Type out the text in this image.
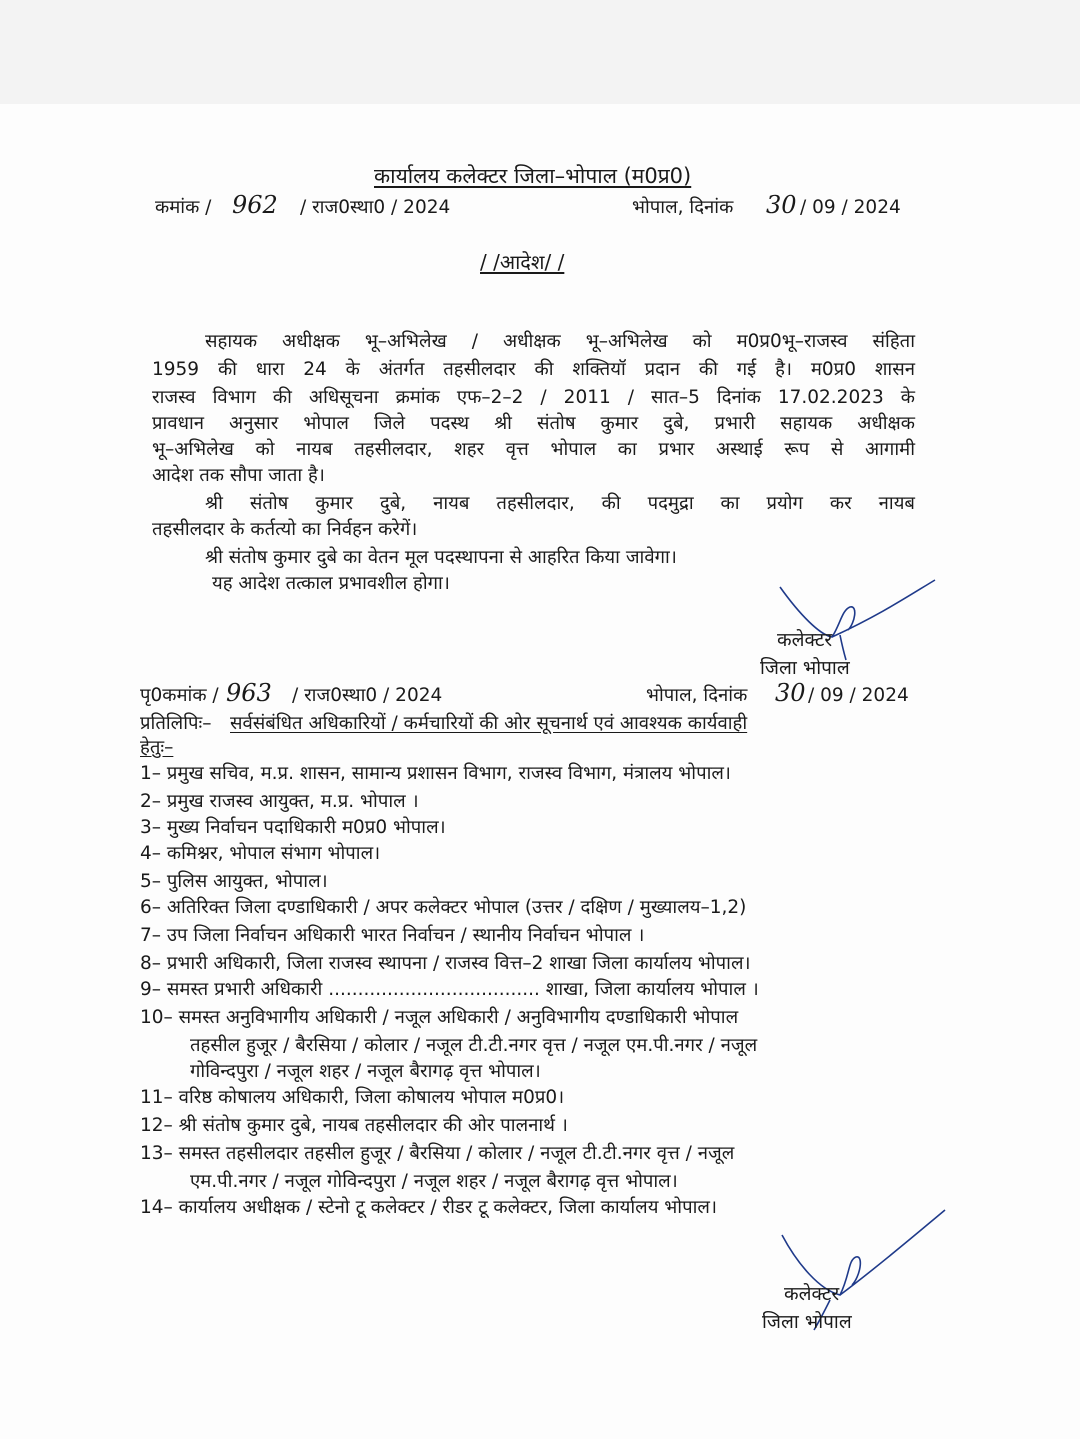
कार्यालय कलेक्टर जिला–भोपाल (म0प्र0)
कमांक / 962 / राज0स्था0 / 2024	भोपाल, दिनांक 30 / 09 / 2024
/ /आदेश/ /
सहायक अधीक्षक भू–अभिलेख / अधीक्षक भू–अभिलेख को म0प्र0भू–राजस्व संहिता
1959 की धारा 24 के अंतर्गत तहसीलदार की शक्तियॉ प्रदान की गई है। म0प्र0 शासन
राजस्व विभाग की अधिसूचना क्रमांक एफ–2–2 / 2011 / सात–5 दिनांक 17.02.2023 के
प्रावधान अनुसार भोपाल जिले पदस्थ श्री संतोष कुमार दुबे, प्रभारी सहायक अधीक्षक
भू–अभिलेख को नायब तहसीलदार, शहर वृत्त भोपाल का प्रभार अस्थाई रूप से आगामी
आदेश तक सौपा जाता है।
श्री संतोष कुमार दुबे, नायब तहसीलदार, की पदमुद्रा का प्रयोग कर नायब
तहसीलदार के कर्तत्यो का निर्वहन करेगें।
श्री संतोष कुमार दुबे का वेतन मूल पदस्थापना से आहरित किया जावेगा।
यह आदेश तत्काल प्रभावशील होगा।
कलेक्टर
जिला भोपाल
पृ0कमांक / 963 / राज0स्था0 / 2024	भोपाल, दिनांक 30 / 09 / 2024
प्रतिलिपिः– सर्वसंबंधित अधिकारियों / कर्मचारियों की ओर सूचनार्थ एवं आवश्यक कार्यवाही
हेतुः–
1– प्रमुख सचिव, म.प्र. शासन, सामान्य प्रशासन विभाग, राजस्व विभाग, मंत्रालय भोपाल।
2– प्रमुख राजस्व आयुक्त, म.प्र. भोपाल ।
3– मुख्य निर्वाचन पदाधिकारी म0प्र0 भोपाल।
4– कमिश्नर, भोपाल संभाग भोपाल।
5– पुलिस आयुक्त, भोपाल।
6– अतिरिक्त जिला दण्डाधिकारी / अपर कलेक्टर भोपाल (उत्तर / दक्षिण / मुख्यालय–1,2)
7– उप जिला निर्वाचन अधिकारी भारत निर्वाचन / स्थानीय निर्वाचन भोपाल ।
8– प्रभारी अधिकारी, जिला राजस्व स्थापना / राजस्व वित्त–2 शाखा जिला कार्यालय भोपाल।
9– समस्त प्रभारी अधिकारी .................................... शाखा, जिला कार्यालय भोपाल ।
10– समस्त अनुविभागीय अधिकारी / नजूल अधिकारी / अनुविभागीय दण्डाधिकारी भोपाल
तहसील हुजूर / बैरसिया / कोलार / नजूल टी.टी.नगर वृत्त / नजूल एम.पी.नगर / नजूल
गोविन्दपुरा / नजूल शहर / नजूल बैरागढ़ वृत्त भोपाल।
11– वरिष्ठ कोषालय अधिकारी, जिला कोषालय भोपाल म0प्र0।
12– श्री संतोष कुमार दुबे, नायब तहसीलदार की ओर पालनार्थ ।
13– समस्त तहसीलदार तहसील हुजूर / बैरसिया / कोलार / नजूल टी.टी.नगर वृत्त / नजूल
एम.पी.नगर / नजूल गोविन्दपुरा / नजूल शहर / नजूल बैरागढ़ वृत्त भोपाल।
14– कार्यालय अधीक्षक / स्टेनो टू कलेक्टर / रीडर टू कलेक्टर, जिला कार्यालय भोपाल।
कलेक्टर
जिला भोपाल
